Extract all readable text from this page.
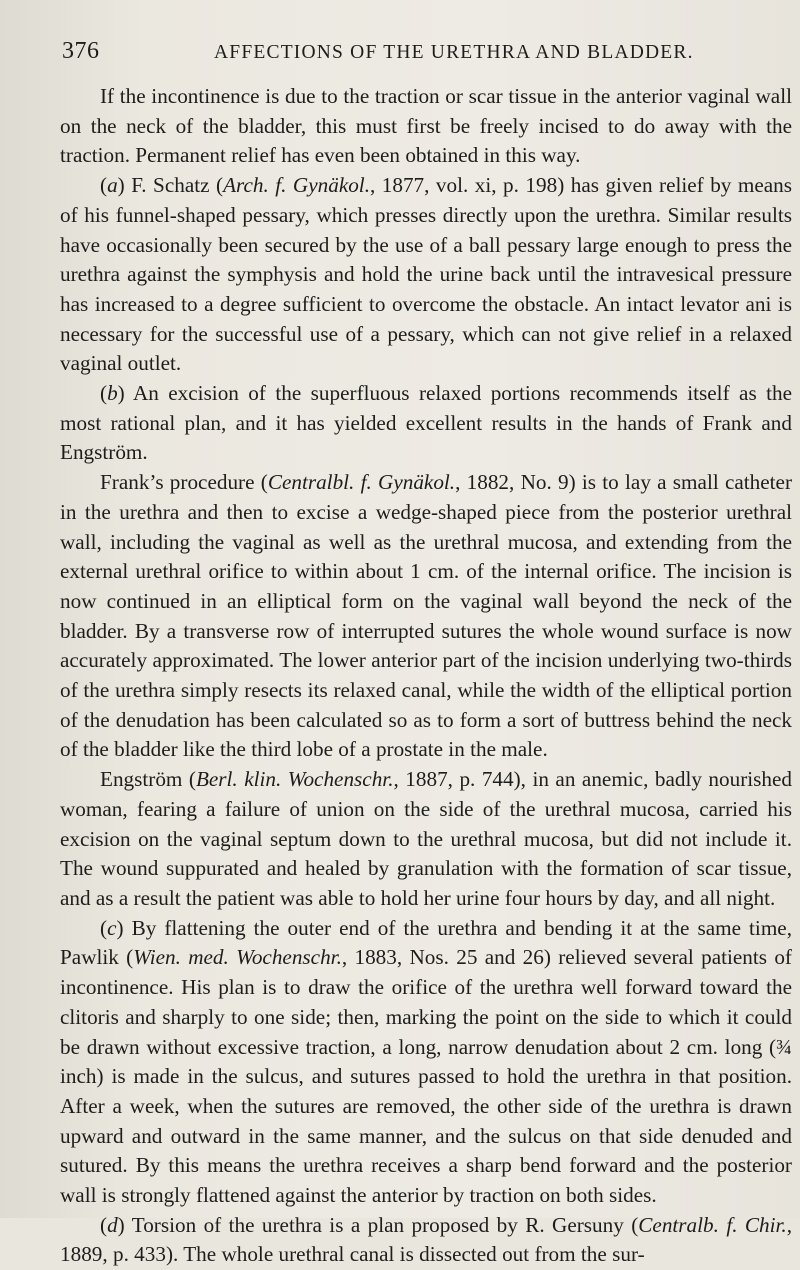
376	AFFECTIONS OF THE URETHRA AND BLADDER.

If the incontinence is due to the traction or scar tissue in the anterior vaginal wall on the neck of the bladder, this must first be freely incised to do away with the traction. Permanent relief has even been obtained in this way.

(a) F. Schatz (Arch. f. Gynäkol., 1877, vol. xi, p. 198) has given relief by means of his funnel-shaped pessary, which presses directly upon the urethra. Similar results have occasionally been secured by the use of a ball pessary large enough to press the urethra against the symphysis and hold the urine back until the intravesical pressure has increased to a degree sufficient to overcome the obstacle. An intact levator ani is necessary for the successful use of a pessary, which can not give relief in a relaxed vaginal outlet.

(b) An excision of the superfluous relaxed portions recommends itself as the most rational plan, and it has yielded excellent results in the hands of Frank and Engström.

Frank’s procedure (Centralbl. f. Gynäkol., 1882, No. 9) is to lay a small catheter in the urethra and then to excise a wedge-shaped piece from the posterior urethral wall, including the vaginal as well as the urethral mucosa, and extending from the external urethral orifice to within about 1 cm. of the internal orifice. The incision is now continued in an elliptical form on the vaginal wall beyond the neck of the bladder. By a transverse row of interrupted sutures the whole wound surface is now accurately approximated. The lower anterior part of the incision underlying two-thirds of the urethra simply resects its relaxed canal, while the width of the elliptical portion of the denudation has been calculated so as to form a sort of buttress behind the neck of the bladder like the third lobe of a prostate in the male.

Engström (Berl. klin. Wochenschr., 1887, p. 744), in an anemic, badly nourished woman, fearing a failure of union on the side of the urethral mucosa, carried his excision on the vaginal septum down to the urethral mucosa, but did not include it. The wound suppurated and healed by granulation with the formation of scar tissue, and as a result the patient was able to hold her urine four hours by day, and all night.

(c) By flattening the outer end of the urethra and bending it at the same time, Pawlik (Wien. med. Wochenschr., 1883, Nos. 25 and 26) relieved several patients of incontinence. His plan is to draw the orifice of the urethra well forward toward the clitoris and sharply to one side; then, marking the point on the side to which it could be drawn without excessive traction, a long, narrow denudation about 2 cm. long (¾ inch) is made in the sulcus, and sutures passed to hold the urethra in that position. After a week, when the sutures are removed, the other side of the urethra is drawn upward and outward in the same manner, and the sulcus on that side denuded and sutured. By this means the urethra receives a sharp bend forward and the posterior wall is strongly flattened against the anterior by traction on both sides.

(d) Torsion of the urethra is a plan proposed by R. Gersuny (Centralb. f. Chir., 1889, p. 433). The whole urethral canal is dissected out from the sur-
